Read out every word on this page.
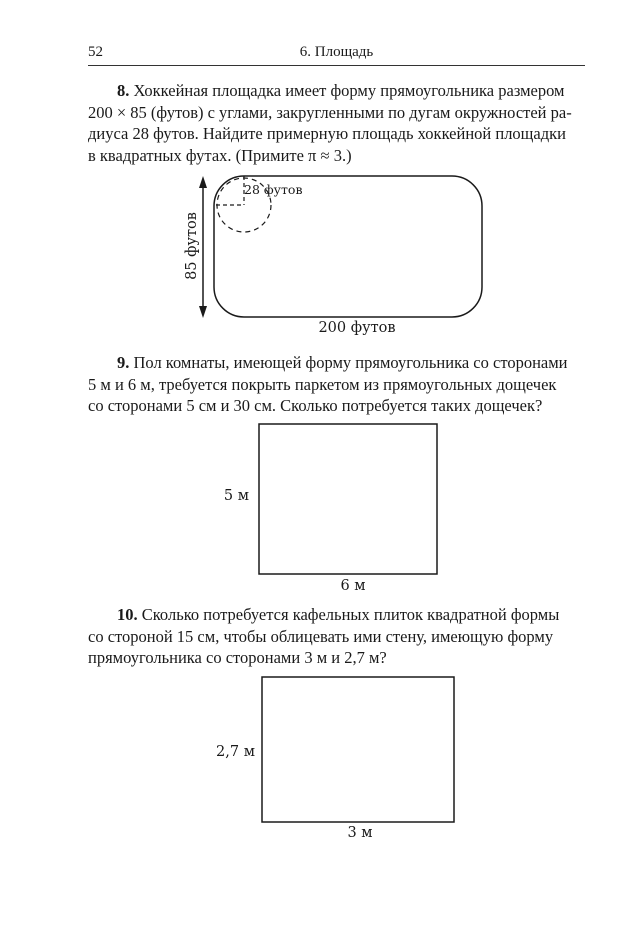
52	6. Площадь
8. Хоккейная площадка имеет форму прямоугольника размером
200 × 85 (футов) с углами, закругленными по дугам окружностей ра-
диуса 28 футов. Найдите примерную площадь хоккейной площадки
в квадратных футах. (Примите π ≈ 3.)
28 футов
85 футов
200 футов
9. Пол комнаты, имеющей форму прямоугольника со сторонами
5 м и 6 м, требуется покрыть паркетом из прямоугольных дощечек
со сторонами 5 см и 30 см. Сколько потребуется таких дощечек?
5 м
6 м
10. Сколько потребуется кафельных плиток квадратной формы
со стороной 15 см, чтобы облицевать ими стену, имеющую форму
прямоугольника со сторонами 3 м и 2,7 м?
2,7 м
3 м
